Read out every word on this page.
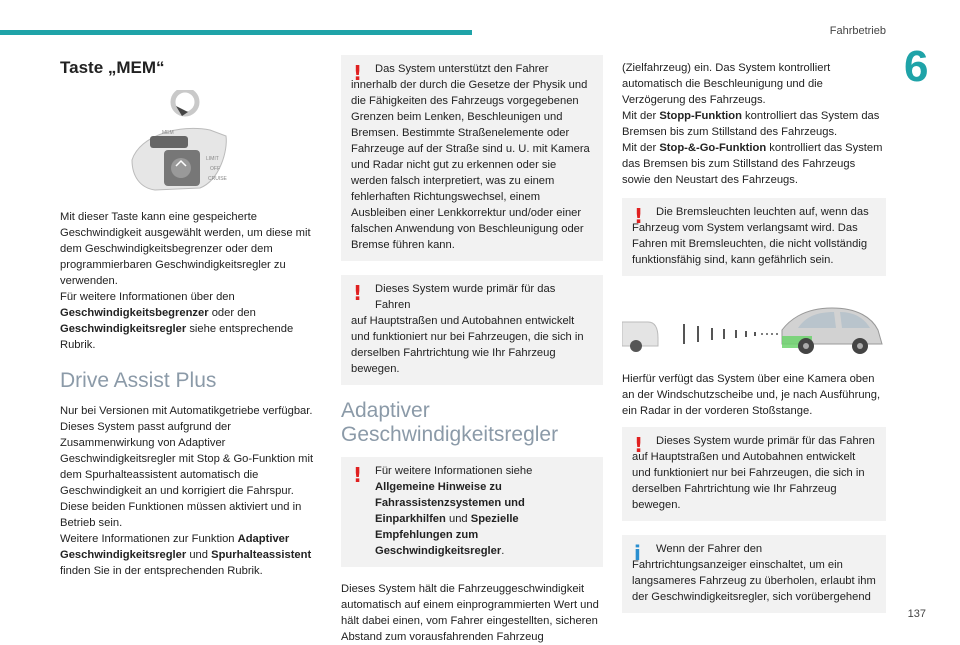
Fahrbetrieb
6
Taste „MEM“
MEM
LIMIT
OFF
CRUISE

Mit dieser Taste kann eine gespeicherte Geschwindigkeit ausgewählt werden, um diese mit dem Geschwindigkeitsbegrenzer oder dem programmierbaren Geschwindigkeitsregler zu verwenden.

Für weitere Informationen über den Geschwindigkeitsbegrenzer oder den Geschwindigkeitsregler siehe entsprechende Rubrik.

Drive Assist Plus

Nur bei Versionen mit Automatikgetriebe verfügbar.

Dieses System passt aufgrund der Zusammenwirkung von Adaptiver Geschwindigkeitsregler mit Stop & Go-Funktion mit dem Spurhalteassistent automatisch die Geschwindigkeit an und korrigiert die Fahrspur.

Diese beiden Funktionen müssen aktiviert und in Betrieb sein.

Weitere Informationen zur Funktion Adaptiver Geschwindigkeitsregler und Spurhalteassistent finden Sie in der entsprechenden Rubrik.

!	Das System unterstützt den Fahrer

innerhalb der durch die Gesetze der Physik und die Fähigkeiten des Fahrzeugs vorgegebenen Grenzen beim Lenken, Beschleunigen und Bremsen. Bestimmte Straßenelemente oder Fahrzeuge auf der Straße sind u. U. mit Kamera und Radar nicht gut zu erkennen oder sie werden falsch interpretiert, was zu einem fehlerhaften Richtungswechsel, einem Ausbleiben einer Lenkkorrektur und/oder einer falschen Anwendung von Beschleunigung oder Bremse führen kann.

!	Dieses System wurde primär für das Fahren

auf Hauptstraßen und Autobahnen entwickelt und funktioniert nur bei Fahrzeugen, die sich in derselben Fahrtrichtung wie Ihr Fahrzeug bewegen.

Adaptiver
Geschwindigkeitsregler
!	Für weitere Informationen siehe Allgemeine Hinweise zu Fahrassistenzsystemen und Einparkhilfen und Spezielle Empfehlungen zum Geschwindigkeitsregler.

Dieses System hält die Fahrzeuggeschwindigkeit automatisch auf einem einprogrammierten Wert und hält dabei einen, vom Fahrer eingestellten, sicheren Abstand zum vorausfahrenden Fahrzeug

(Zielfahrzeug) ein. Das System kontrolliert automatisch die Beschleunigung und die Verzögerung des Fahrzeugs.

Mit der Stopp-Funktion kontrolliert das System das Bremsen bis zum Stillstand des Fahrzeugs.

Mit der Stop-&-Go-Funktion kontrolliert das System das Bremsen bis zum Stillstand des Fahrzeugs sowie den Neustart des Fahrzeugs.

!	Die Bremsleuchten leuchten auf, wenn das

Fahrzeug vom System verlangsamt wird. Das Fahren mit Bremsleuchten, die nicht vollständig funktionsfähig sind, kann gefährlich sein.

Hierfür verfügt das System über eine Kamera oben an der Windschutzscheibe und, je nach Ausführung, ein Radar in der vorderen Stoßstange.

!	Dieses System wurde primär für das Fahren

auf Hauptstraßen und Autobahnen entwickelt und funktioniert nur bei Fahrzeugen, die sich in derselben Fahrtrichtung wie Ihr Fahrzeug bewegen.

i	Wenn der Fahrer den

Fahrtrichtungsanzeiger einschaltet, um ein langsameres Fahrzeug zu überholen, erlaubt ihm der Geschwindigkeitsregler, sich vorübergehend

137
